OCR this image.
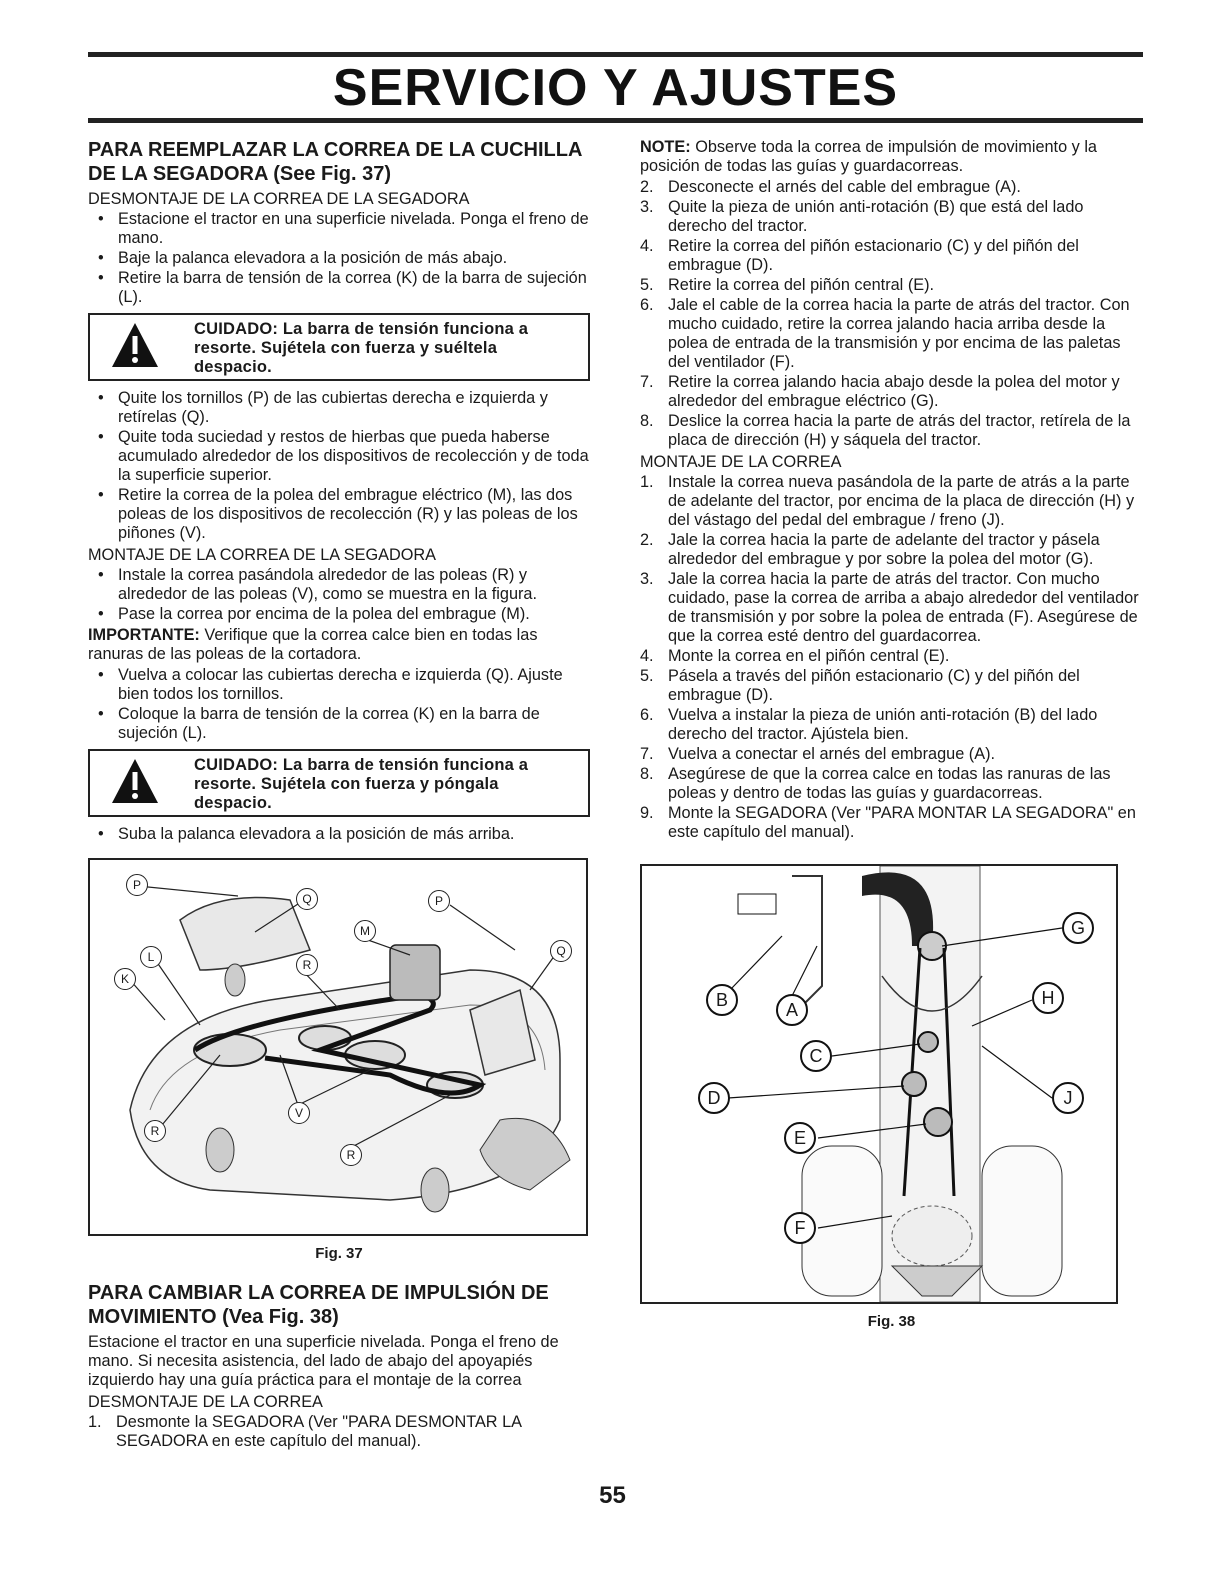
SERVICIO Y AJUSTES
PARA REEMPLAZAR LA CORREA DE LA CUCHILLA DE LA SEGADORA (See Fig. 37)
DESMONTAJE DE LA CORREA DE LA SEGADORA
• Estacione el tractor en una superficie nivelada. Ponga el freno de mano.
• Baje la palanca elevadora a la posición de más abajo.
• Retire la barra de tensión de la correa (K) de la barra de sujeción (L).
CUIDADO: La barra de tensión funciona a resorte. Sujétela con fuerza y suéltela despacio.
• Quite los tornillos (P) de las cubiertas derecha e izquierda y retírelas (Q).
• Quite toda suciedad y restos de hierbas que pueda haberse acumulado alrededor de los dispositivos de recolección y de toda la superficie superior.
• Retire la correa de la polea del embrague eléctrico (M), las dos poleas de los dispositivos de recolección (R) y las poleas de los piñones (V).
MONTAJE DE LA CORREA DE LA SEGADORA
• Instale la correa pasándola alrededor de las poleas (R) y alrededor de las poleas (V), como se muestra en la figura.
• Pase la correa por encima de la polea del embrague (M).

IMPORTANTE: Verifique que la correa calce bien en todas las ranuras de las poleas de la cortadora.

• Vuelva a colocar las cubiertas derecha e izquierda (Q). Ajuste bien todos los tornillos.
• Coloque la barra de tensión de la correa (K) en la barra de sujeción (L).
CUIDADO: La barra de tensión funciona a resorte. Sujétela con fuerza y póngala despacio.
• Suba la palanca elevadora a la posición de más arriba.
P
Q
M
P
L
R
Q
K
V
R
R
Fig. 37
PARA CAMBIAR LA CORREA DE IMPULSIÓN DE MOVIMIENTO (Vea Fig. 38)

Estacione el tractor en una superficie nivelada. Ponga el freno de mano. Si necesita asistencia, del lado de abajo del apoyapiés izquierdo hay una guía práctica para el montaje de la correa

DESMONTAJE DE LA CORREA
1. Desmonte la SEGADORA (Ver "PARA DESMONTAR LA SEGADORA en este capítulo del manual).

NOTE: Observe toda la correa de impulsión de movimiento y la posición de todas las guías y guardacorreas.

2. Desconecte el arnés del cable del embrague (A).
3. Quite la pieza de unión anti-rotación (B) que está del lado derecho del tractor.
4. Retire la correa del piñón estacionario (C) y del piñón del embrague (D).
5. Retire la correa del piñón central (E).
6. Jale el cable de la correa hacia la parte de atrás del tractor. Con mucho cuidado, retire la correa jalando hacia arriba desde la polea de entrada de la transmisión y por encima de las paletas del ventilador (F).
7. Retire la correa jalando hacia abajo desde la polea del motor y alrededor del embrague eléctrico (G).
8. Deslice la correa hacia la parte de atrás del tractor, retírela de la placa de dirección (H) y sáquela del tractor.
MONTAJE DE LA CORREA
1. Instale la correa nueva pasándola de la parte de atrás a la parte de adelante del tractor, por encima de la placa de dirección (H) y del vástago del pedal del embrague / freno (J).
2. Jale la correa hacia la parte de adelante del tractor y pásela alrededor del embrague y por sobre la polea del motor (G).
3. Jale la correa hacia la parte de atrás del tractor. Con mucho cuidado, pase la correa de arriba a abajo alrededor del ventilador de transmisión y por sobre la polea de entrada (F). Asegúrese de que la correa esté dentro del guardacorrea.
4. Monte la correa en el piñón central (E).
5. Pásela a través del piñón estacionario (C) y del piñón del embrague (D).
6. Vuelva a instalar la pieza de unión anti-rotación (B) del lado derecho del tractor. Ajústela bien.
7. Vuelva a conectar el arnés del embrague (A).
8. Asegúrese de que la correa calce en todas las ranuras de las poleas y dentro de todas las guías y guardacorreas.
9. Monte la SEGADORA (Ver "PARA MONTAR LA SEGADORA" en este capítulo del manual).
G
H
B	A
C
D	J
E
F
Fig. 38
55
